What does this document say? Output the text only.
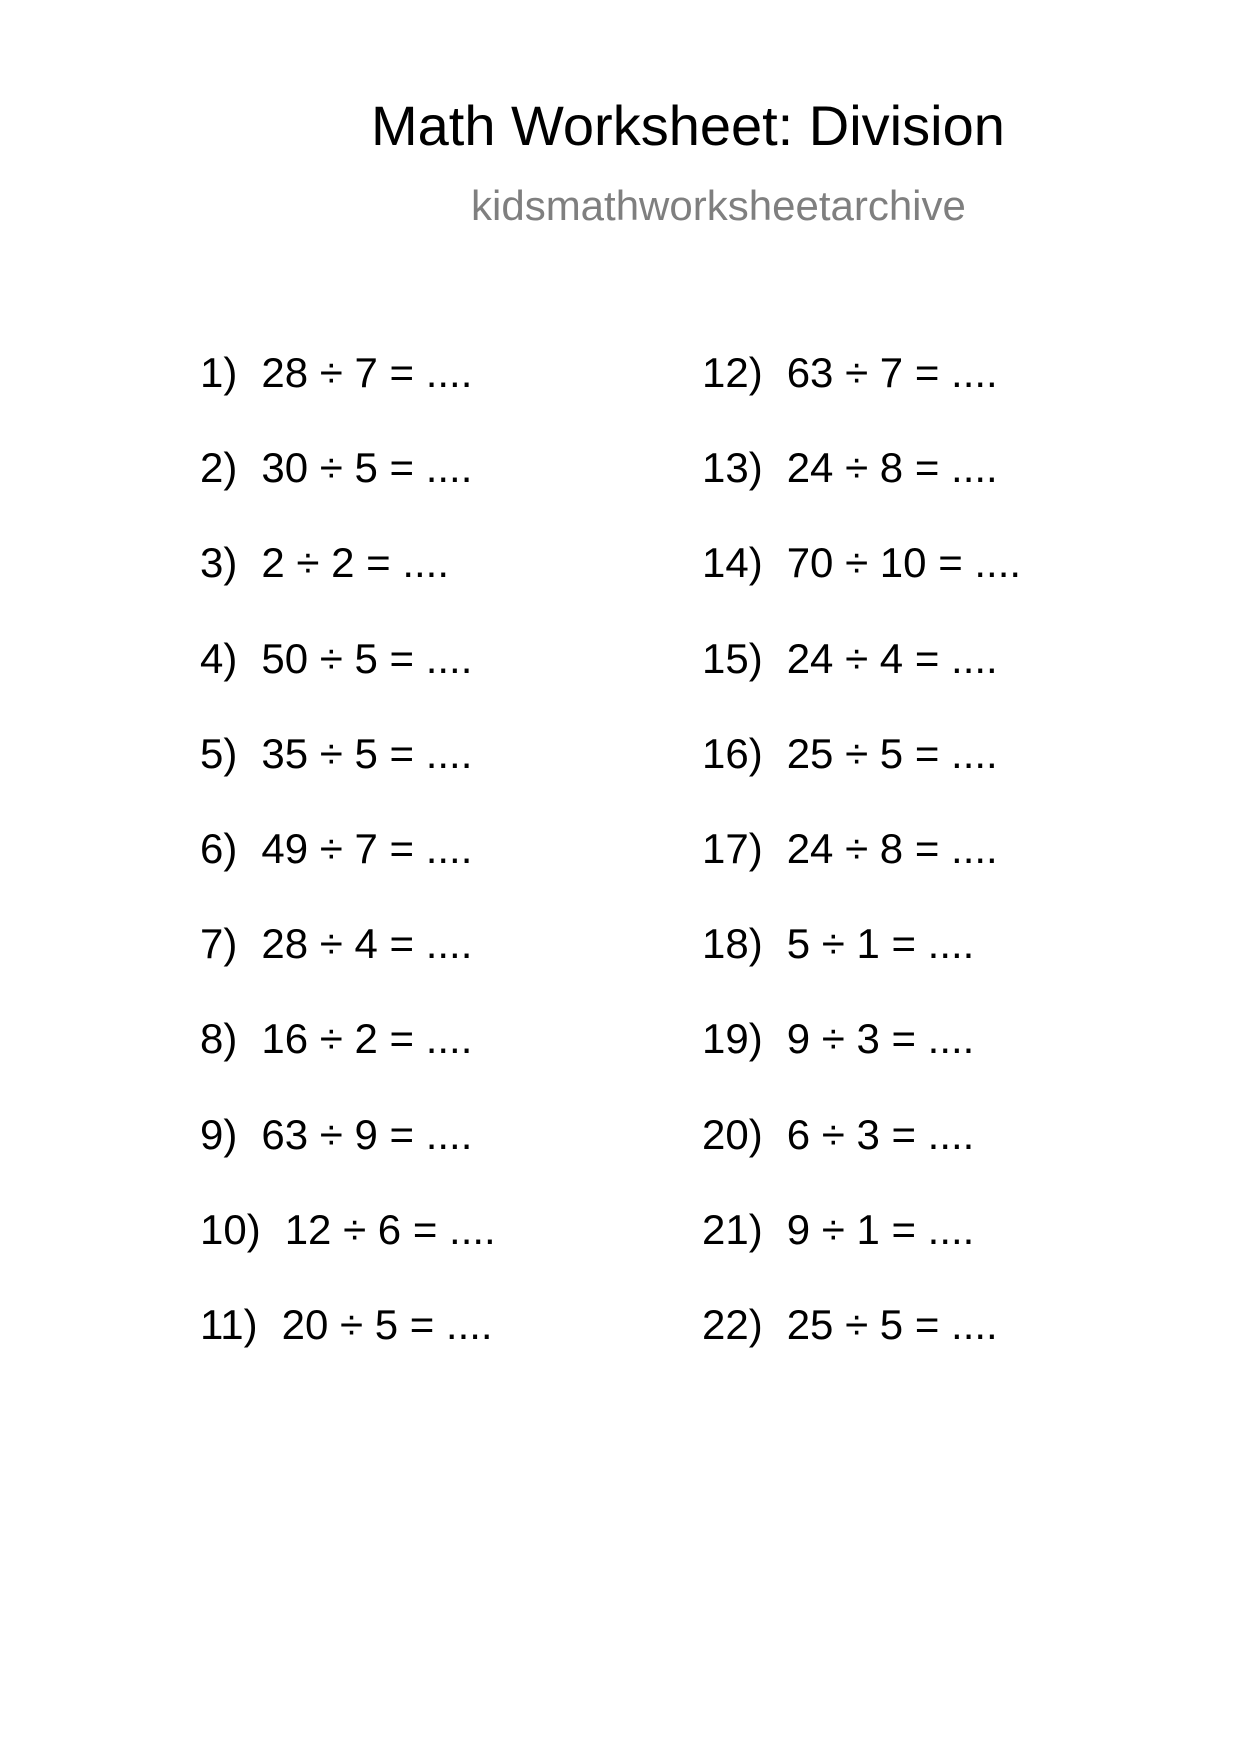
Math Worksheet: Division
kidsmathworksheetarchive
1) 28 ÷ 7 = ....
2) 30 ÷ 5 = ....
3) 2 ÷ 2 = ....
4) 50 ÷ 5 = ....
5) 35 ÷ 5 = ....
6) 49 ÷ 7 = ....
7) 28 ÷ 4 = ....
8) 16 ÷ 2 = ....
9) 63 ÷ 9 = ....
10) 12 ÷ 6 = ....
11) 20 ÷ 5 = ....
12) 63 ÷ 7 = ....
13) 24 ÷ 8 = ....
14) 70 ÷ 10 = ....
15) 24 ÷ 4 = ....
16) 25 ÷ 5 = ....
17) 24 ÷ 8 = ....
18) 5 ÷ 1 = ....
19) 9 ÷ 3 = ....
20) 6 ÷ 3 = ....
21) 9 ÷ 1 = ....
22) 25 ÷ 5 = ....
